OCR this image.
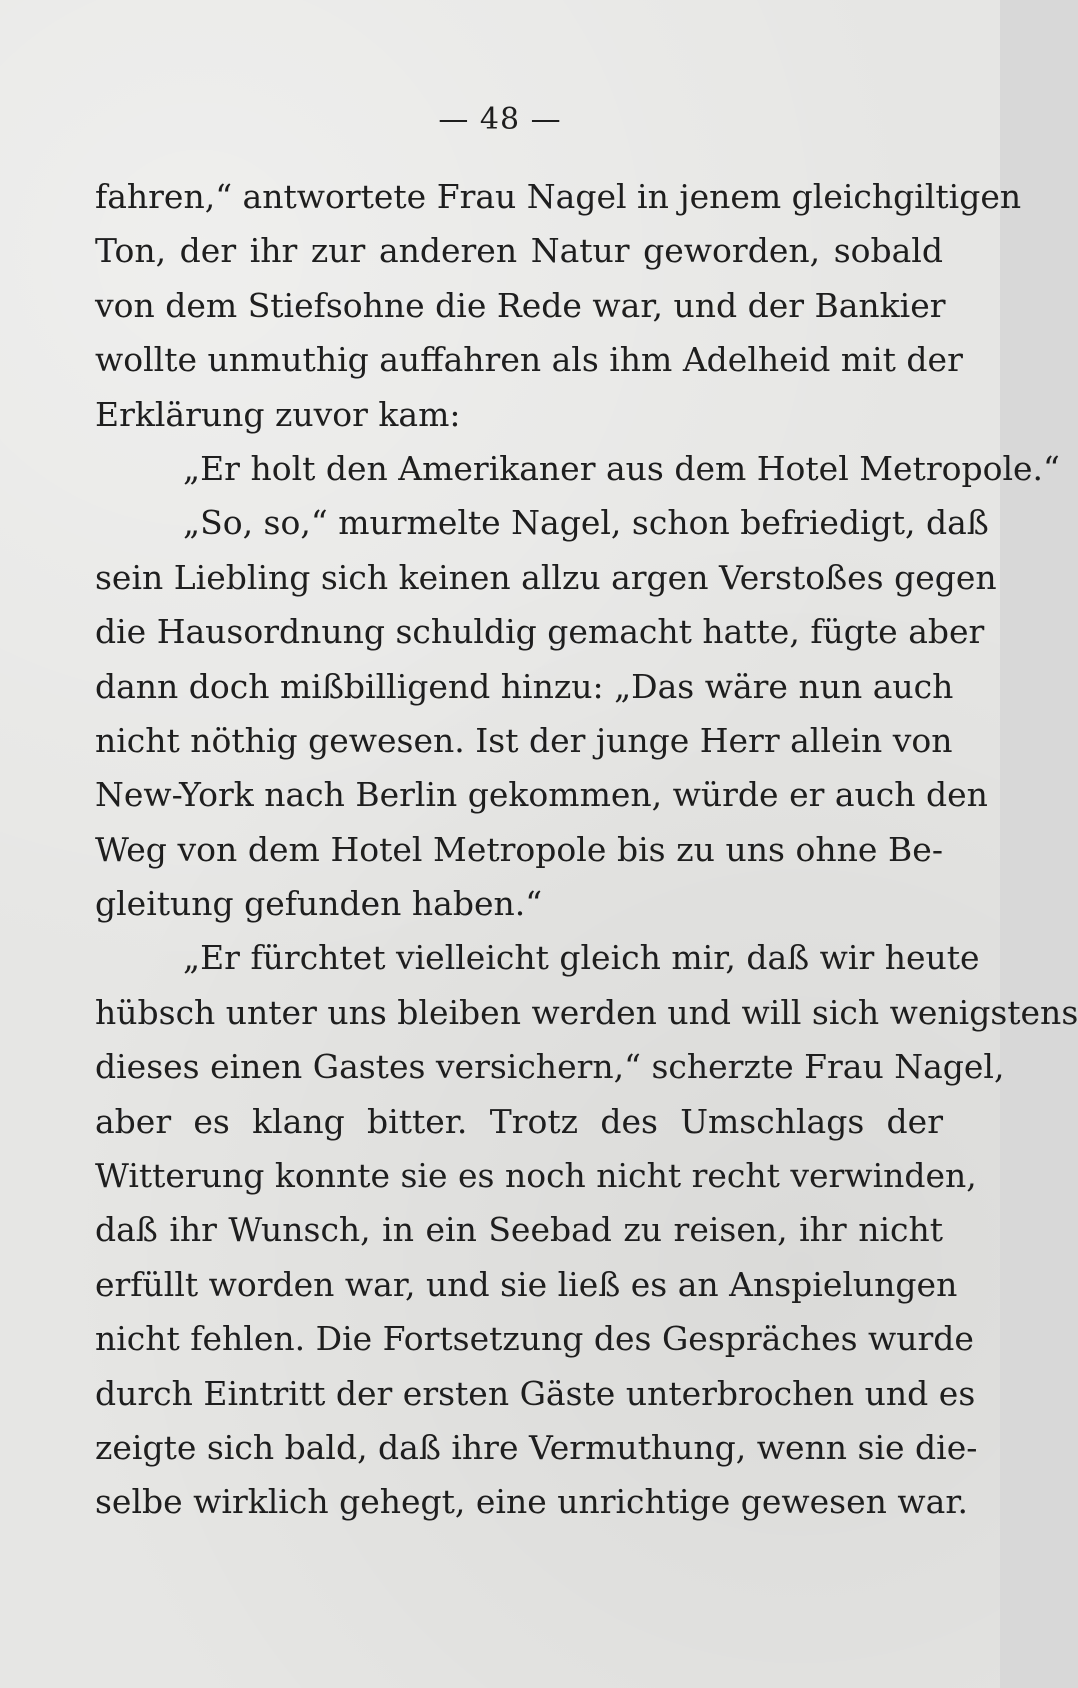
— 48 —
fahren,“ antwortete Frau Nagel in jenem gleichgiltigen
Ton, der ihr zur anderen Natur geworden, sobald
von dem Stiefsohne die Rede war, und der Bankier
wollte unmuthig auffahren als ihm Adelheid mit der
Erklärung zuvor kam:
„Er holt den Amerikaner aus dem Hotel Metropole.“
„So, so,“ murmelte Nagel, schon befriedigt, daß
sein Liebling sich keinen allzu argen Verstoßes gegen
die Hausordnung schuldig gemacht hatte, fügte aber
dann doch mißbilligend hinzu: „Das wäre nun auch
nicht nöthig gewesen. Ist der junge Herr allein von
New-York nach Berlin gekommen, würde er auch den
Weg von dem Hotel Metropole bis zu uns ohne Be-
gleitung gefunden haben.“
„Er fürchtet vielleicht gleich mir, daß wir heute
hübsch unter uns bleiben werden und will sich wenigstens
dieses einen Gastes versichern,“ scherzte Frau Nagel,
aber es klang bitter. Trotz des Umschlags der
Witterung konnte sie es noch nicht recht verwinden,
daß ihr Wunsch, in ein Seebad zu reisen, ihr nicht
erfüllt worden war, und sie ließ es an Anspielungen
nicht fehlen. Die Fortsetzung des Gespräches wurde
durch Eintritt der ersten Gäste unterbrochen und es
zeigte sich bald, daß ihre Vermuthung, wenn sie die-
selbe wirklich gehegt, eine unrichtige gewesen war.
